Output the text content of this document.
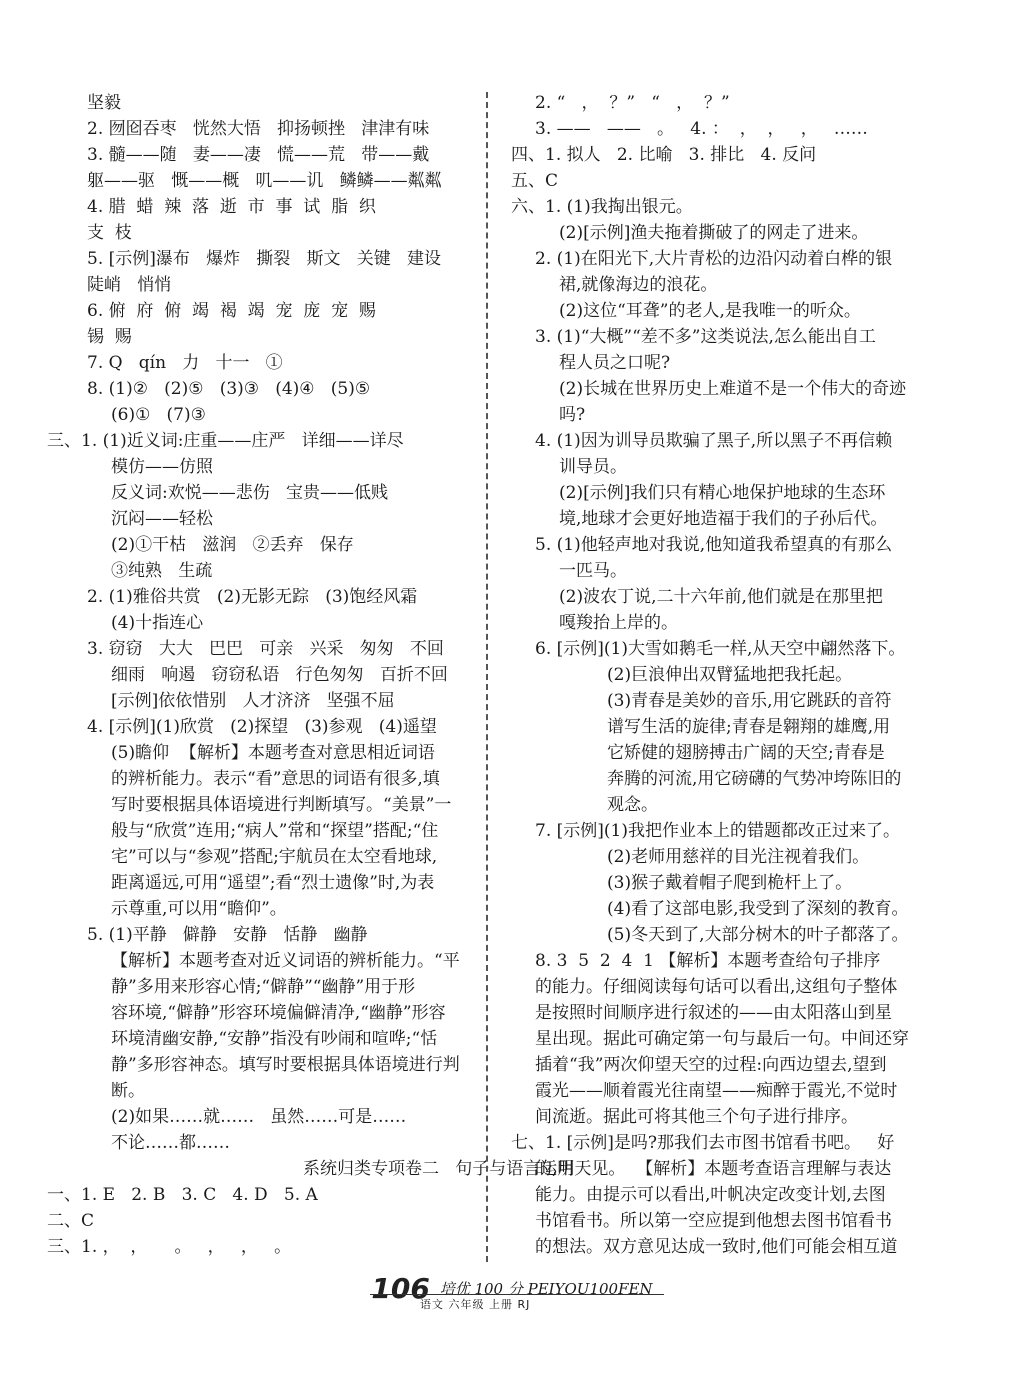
坚毅
2. 囫囵吞枣   恍然大悟   抑扬顿挫   津津有味
3. 髓——随   妻——凄   慌——荒   带——戴
躯——驱   慨——概   叽——讥   鳞鳞——粼粼
4. 腊  蜡  辣  落  逝  市  事  试  脂  织
支  枝
5. [示例]瀑布   爆炸   撕裂   斯文   关键   建设
陡峭   悄悄
6. 俯  府  俯  竭  褐  竭  宠  庞  宠  赐
锡  赐
7. Q   qín   力   十一   ①
8. (1)②   (2)⑤   (3)③   (4)④   (5)⑤
(6)①   (7)③
三、1. (1)近义词:庄重——庄严   详细——详尽
模仿——仿照
反义词:欢悦——悲伤   宝贵——低贱
沉闷——轻松
(2)①干枯   滋润   ②丢弃   保存
③纯熟   生疏
2. (1)雅俗共赏   (2)无影无踪   (3)饱经风霜
(4)十指连心
3. 窃窃   大大   巴巴   可亲   兴采   匆匆   不回
细雨   响遏   窃窃私语   行色匆匆   百折不回
[示例]依依惜别   人才济济   坚强不屈
4. [示例](1)欣赏   (2)探望   (3)参观   (4)遥望
(5)瞻仰  【解析】本题考查对意思相近词语
的辨析能力。表示“看”意思的词语有很多,填
写时要根据具体语境进行判断填写。“美景”一
般与“欣赏”连用;“病人”常和“探望”搭配;“住
宅”可以与“参观”搭配;宇航员在太空看地球,
距离遥远,可用“遥望”;看“烈士遗像”时,为表
示尊重,可以用“瞻仰”。
5. (1)平静   僻静   安静   恬静   幽静
【解析】本题考查对近义词语的辨析能力。“平
静”多用来形容心情;“僻静”“幽静”用于形
容环境,“僻静”形容环境偏僻清净,“幽静”形容
环境清幽安静,“安静”指没有吵闹和喧哗;“恬
静”多形容神态。填写时要根据具体语境进行判
断。
(2)如果……就……   虽然……可是……
不论……都……
系统归类专项卷二   句子与语言运用
一、1. E   2. B   3. C   4. D   5. A
二、C
三、1. ，  ，     。   ，   ，   。
2. “   ，  ？”   “   ，  ？”
3. ——   ——   。   4. ：  ，  ，   ，   ……
四、1. 拟人   2. 比喻   3. 排比   4. 反问
五、C
六、1. (1)我掏出银元。
(2)[示例]渔夫拖着撕破了的网走了进来。
2. (1)在阳光下,大片青松的边沿闪动着白桦的银
裙,就像海边的浪花。
(2)这位“耳聋”的老人,是我唯一的听众。
3. (1)“大概”“差不多”这类说法,怎么能出自工
程人员之口呢?
(2)长城在世界历史上难道不是一个伟大的奇迹
吗?
4. (1)因为训导员欺骗了黑子,所以黑子不再信赖
训导员。
(2)[示例]我们只有精心地保护地球的生态环
境,地球才会更好地造福于我们的子孙后代。
5. (1)他轻声地对我说,他知道我希望真的有那么
一匹马。
(2)波农丁说,二十六年前,他们就是在那里把
嘎羧抬上岸的。
6. [示例](1)大雪如鹅毛一样,从天空中翩然落下。
(2)巨浪伸出双臂猛地把我托起。
(3)青春是美妙的音乐,用它跳跃的音符
谱写生活的旋律;青春是翱翔的雄鹰,用
它矫健的翅膀搏击广阔的天空;青春是
奔腾的河流,用它磅礴的气势冲垮陈旧的
观念。
7. [示例](1)我把作业本上的错题都改正过来了。
(2)老师用慈祥的目光注视着我们。
(3)猴子戴着帽子爬到桅杆上了。
(4)看了这部电影,我受到了深刻的教育。
(5)冬天到了,大部分树木的叶子都落了。
8. 3  5  2  4  1 【解析】本题考查给句子排序
的能力。仔细阅读每句话可以看出,这组句子整体
是按照时间顺序进行叙述的——由太阳落山到星
星出现。据此可确定第一句与最后一句。中间还穿
插着“我”两次仰望天空的过程:向西边望去,望到
霞光——顺着霞光往南望——痴醉于霞光,不觉时
间流逝。据此可将其他三个句子进行排序。
七、1. [示例]是吗?那我们去市图书馆看书吧。   好
的,明天见。  【解析】本题考查语言理解与表达
能力。由提示可以看出,叶帆决定改变计划,去图
书馆看书。所以第一空应提到他想去图书馆看书
的想法。双方意见达成一致时,他们可能会相互道
106 培优 100 分 PEIYOU100FEN
语文 六年级 上册 RJ
